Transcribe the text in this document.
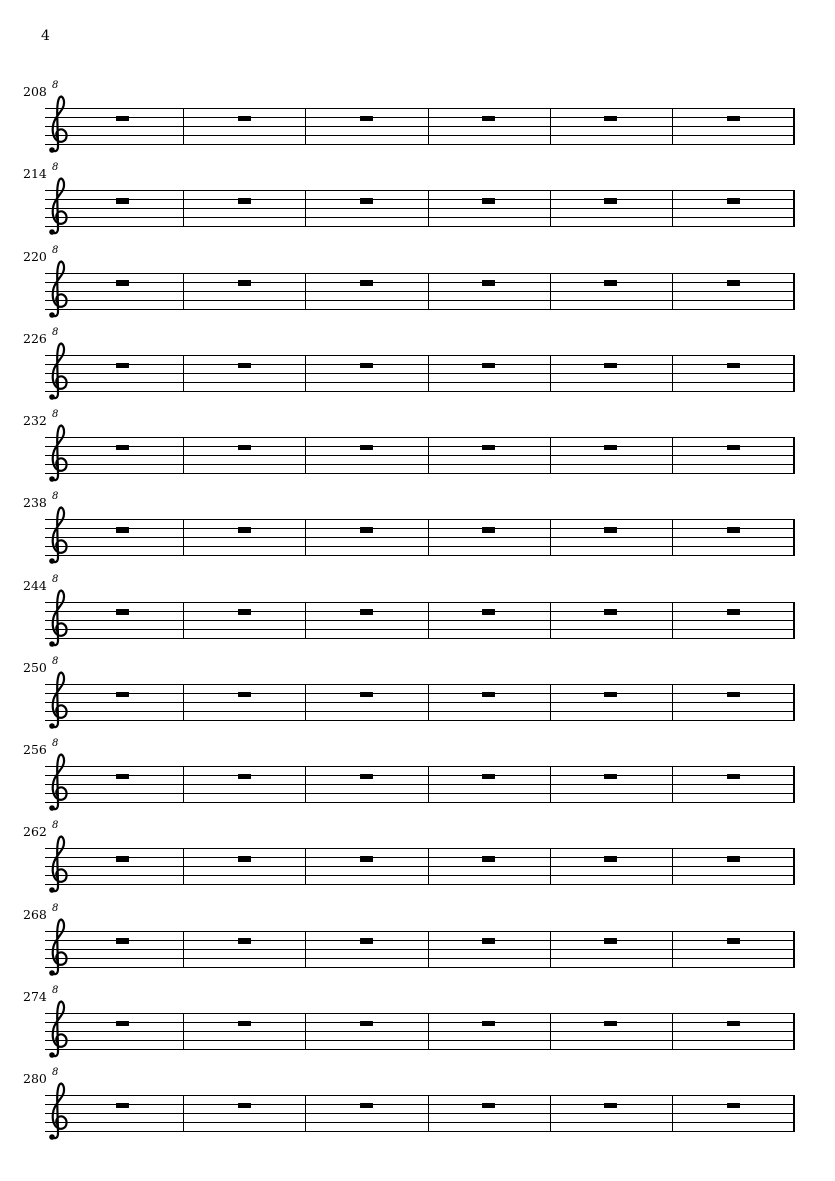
4
208 8
214 8
220 8
226 8
232 8
238 8
244 8
250 8
256 8
262 8
268 8
274 8
280 8
